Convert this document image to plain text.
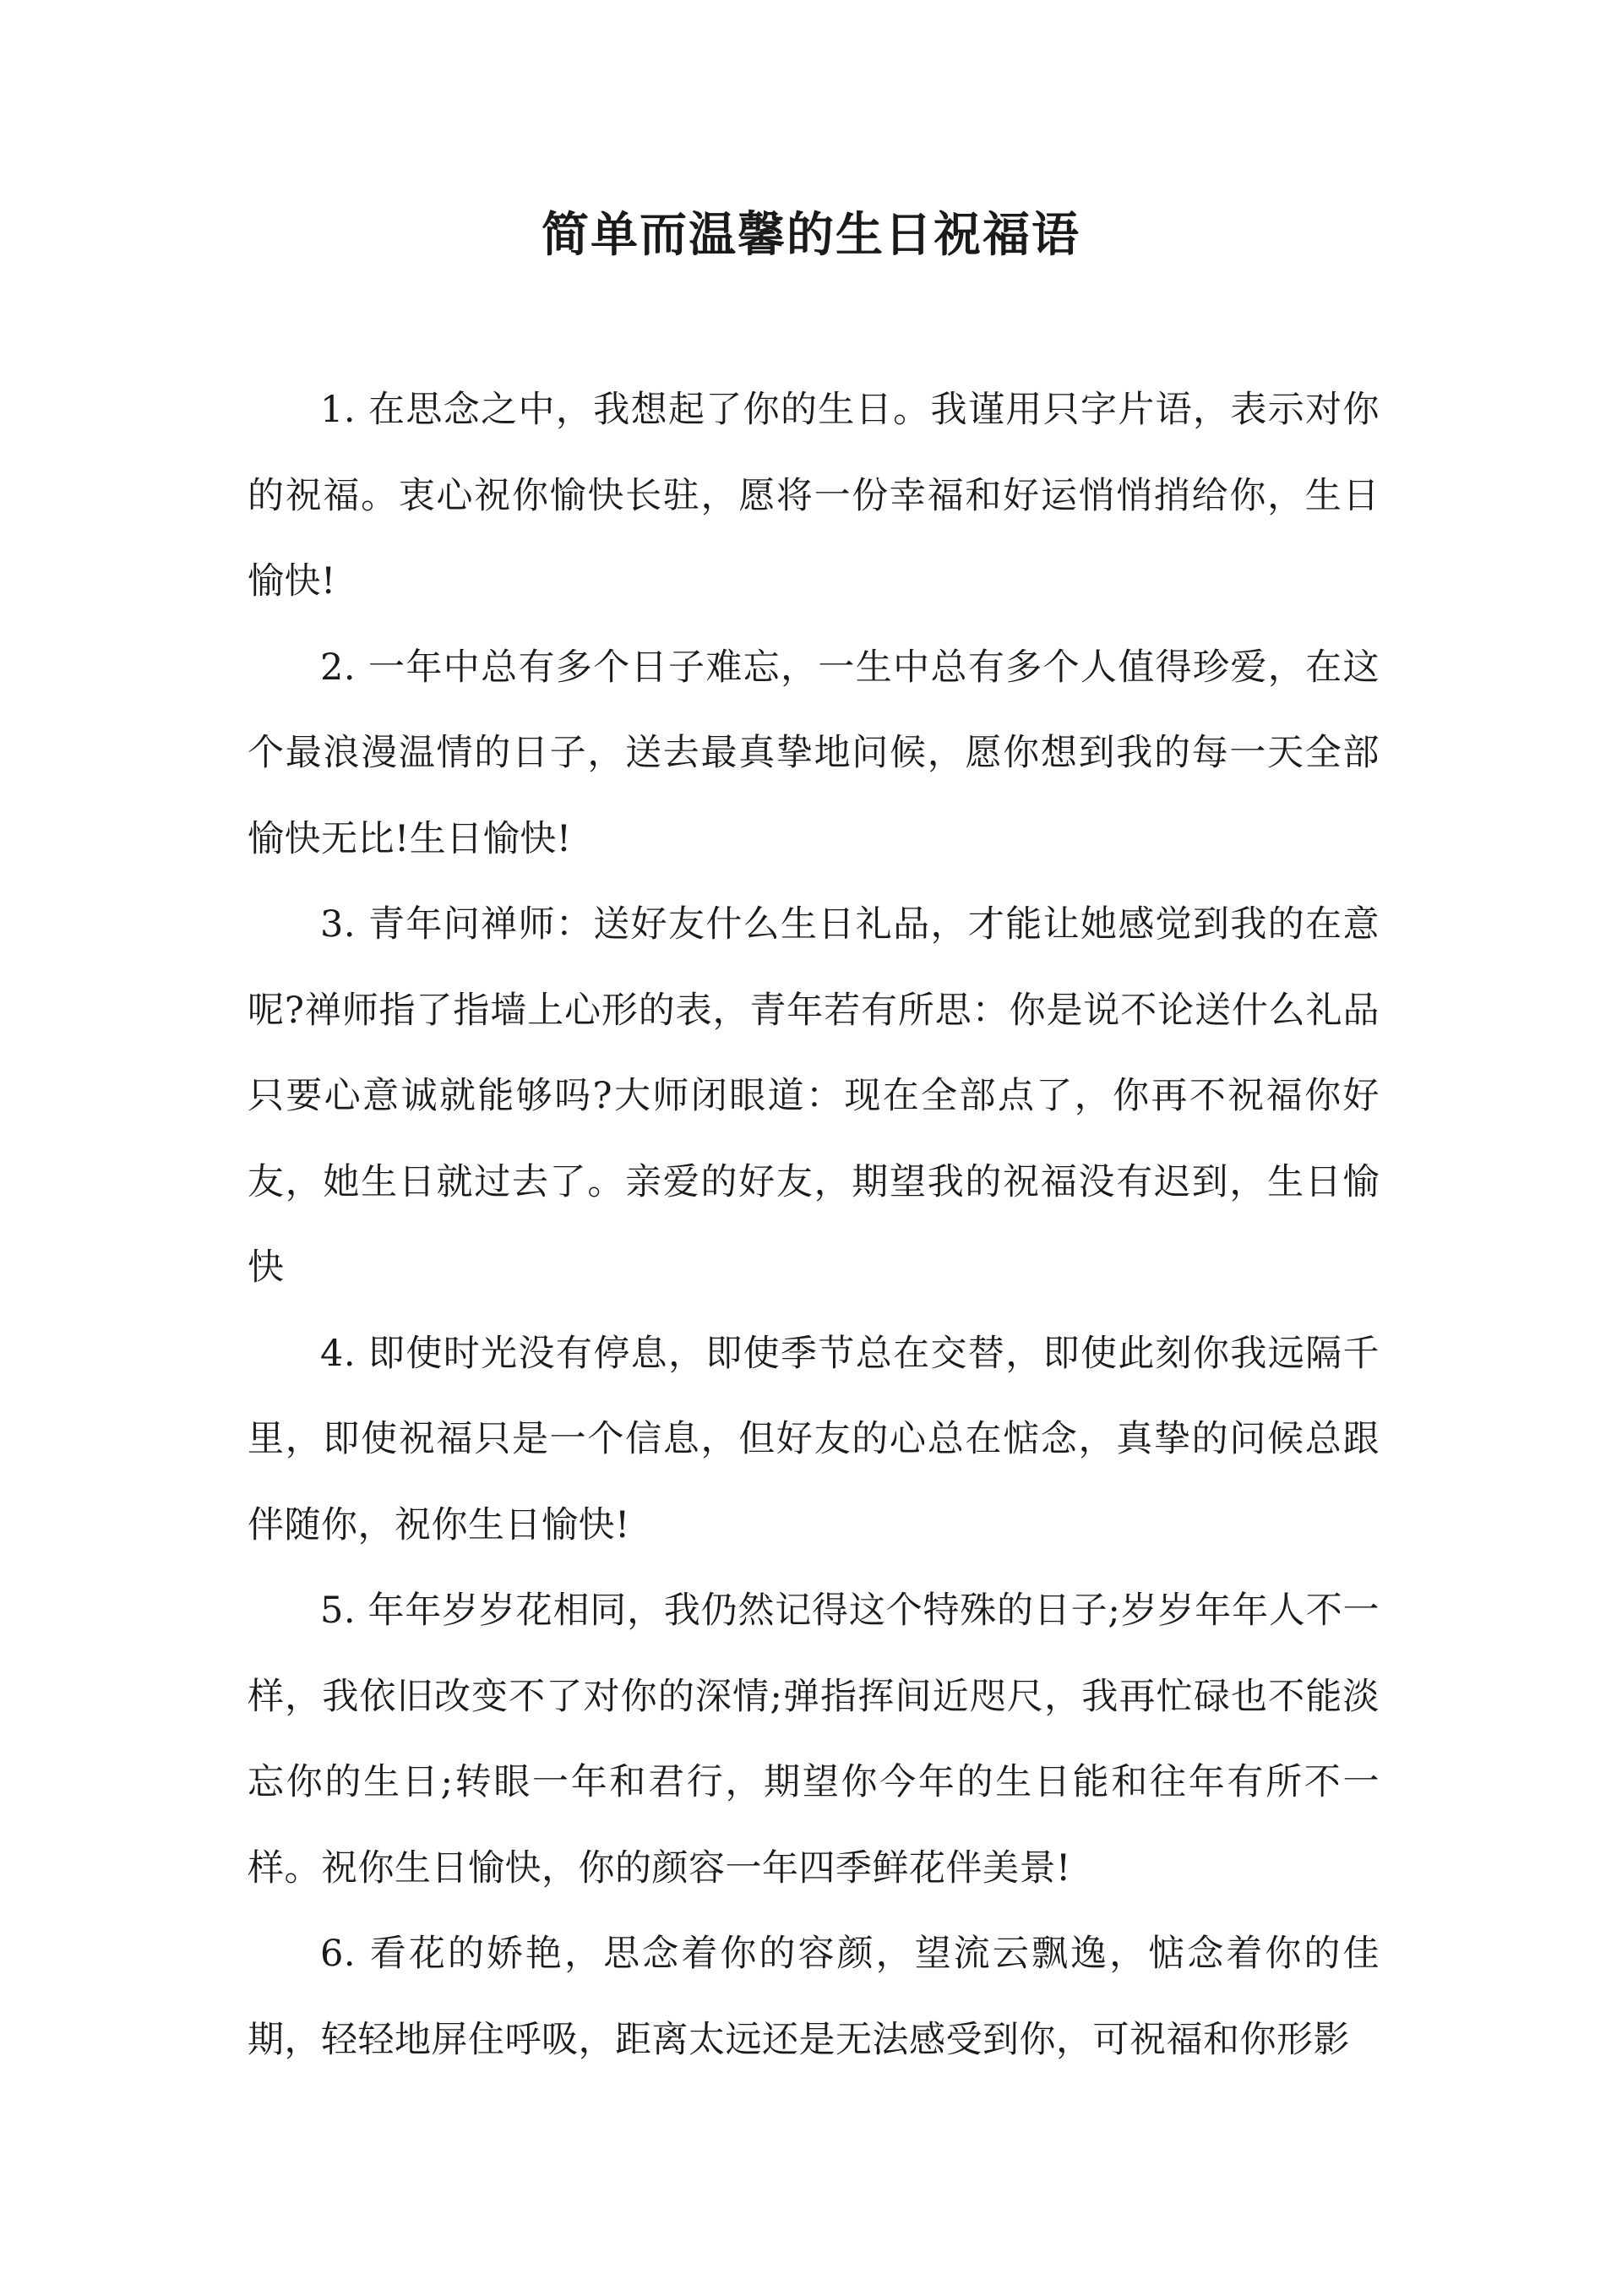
简单而温馨的生日祝福语

1. 在思念之中，我想起了你的生日。我谨用只字片语，表示对你的祝福。衷心祝你愉快长驻，愿将一份幸福和好运悄悄捎给你，生日愉快!

2. 一年中总有多个日子难忘，一生中总有多个人值得珍爱，在这个最浪漫温情的日子，送去最真挚地问候，愿你想到我的每一天全部愉快无比!生日愉快!

3. 青年问禅师：送好友什么生日礼品，才能让她感觉到我的在意呢?禅师指了指墙上心形的表，青年若有所思：你是说不论送什么礼品只要心意诚就能够吗?大师闭眼道：现在全部点了，你再不祝福你好友，她生日就过去了。亲爱的好友，期望我的祝福没有迟到，生日愉快

4. 即使时光没有停息，即使季节总在交替，即使此刻你我远隔千里，即使祝福只是一个信息，但好友的心总在惦念，真挚的问候总跟伴随你，祝你生日愉快!

5. 年年岁岁花相同，我仍然记得这个特殊的日子;岁岁年年人不一样，我依旧改变不了对你的深情;弹指挥间近咫尺，我再忙碌也不能淡忘你的生日;转眼一年和君行，期望你今年的生日能和往年有所不一样。祝你生日愉快，你的颜容一年四季鲜花伴美景!

6. 看花的娇艳，思念着你的容颜，望流云飘逸，惦念着你的佳期，轻轻地屏住呼吸，距离太远还是无法感受到你，可祝福和你形影
